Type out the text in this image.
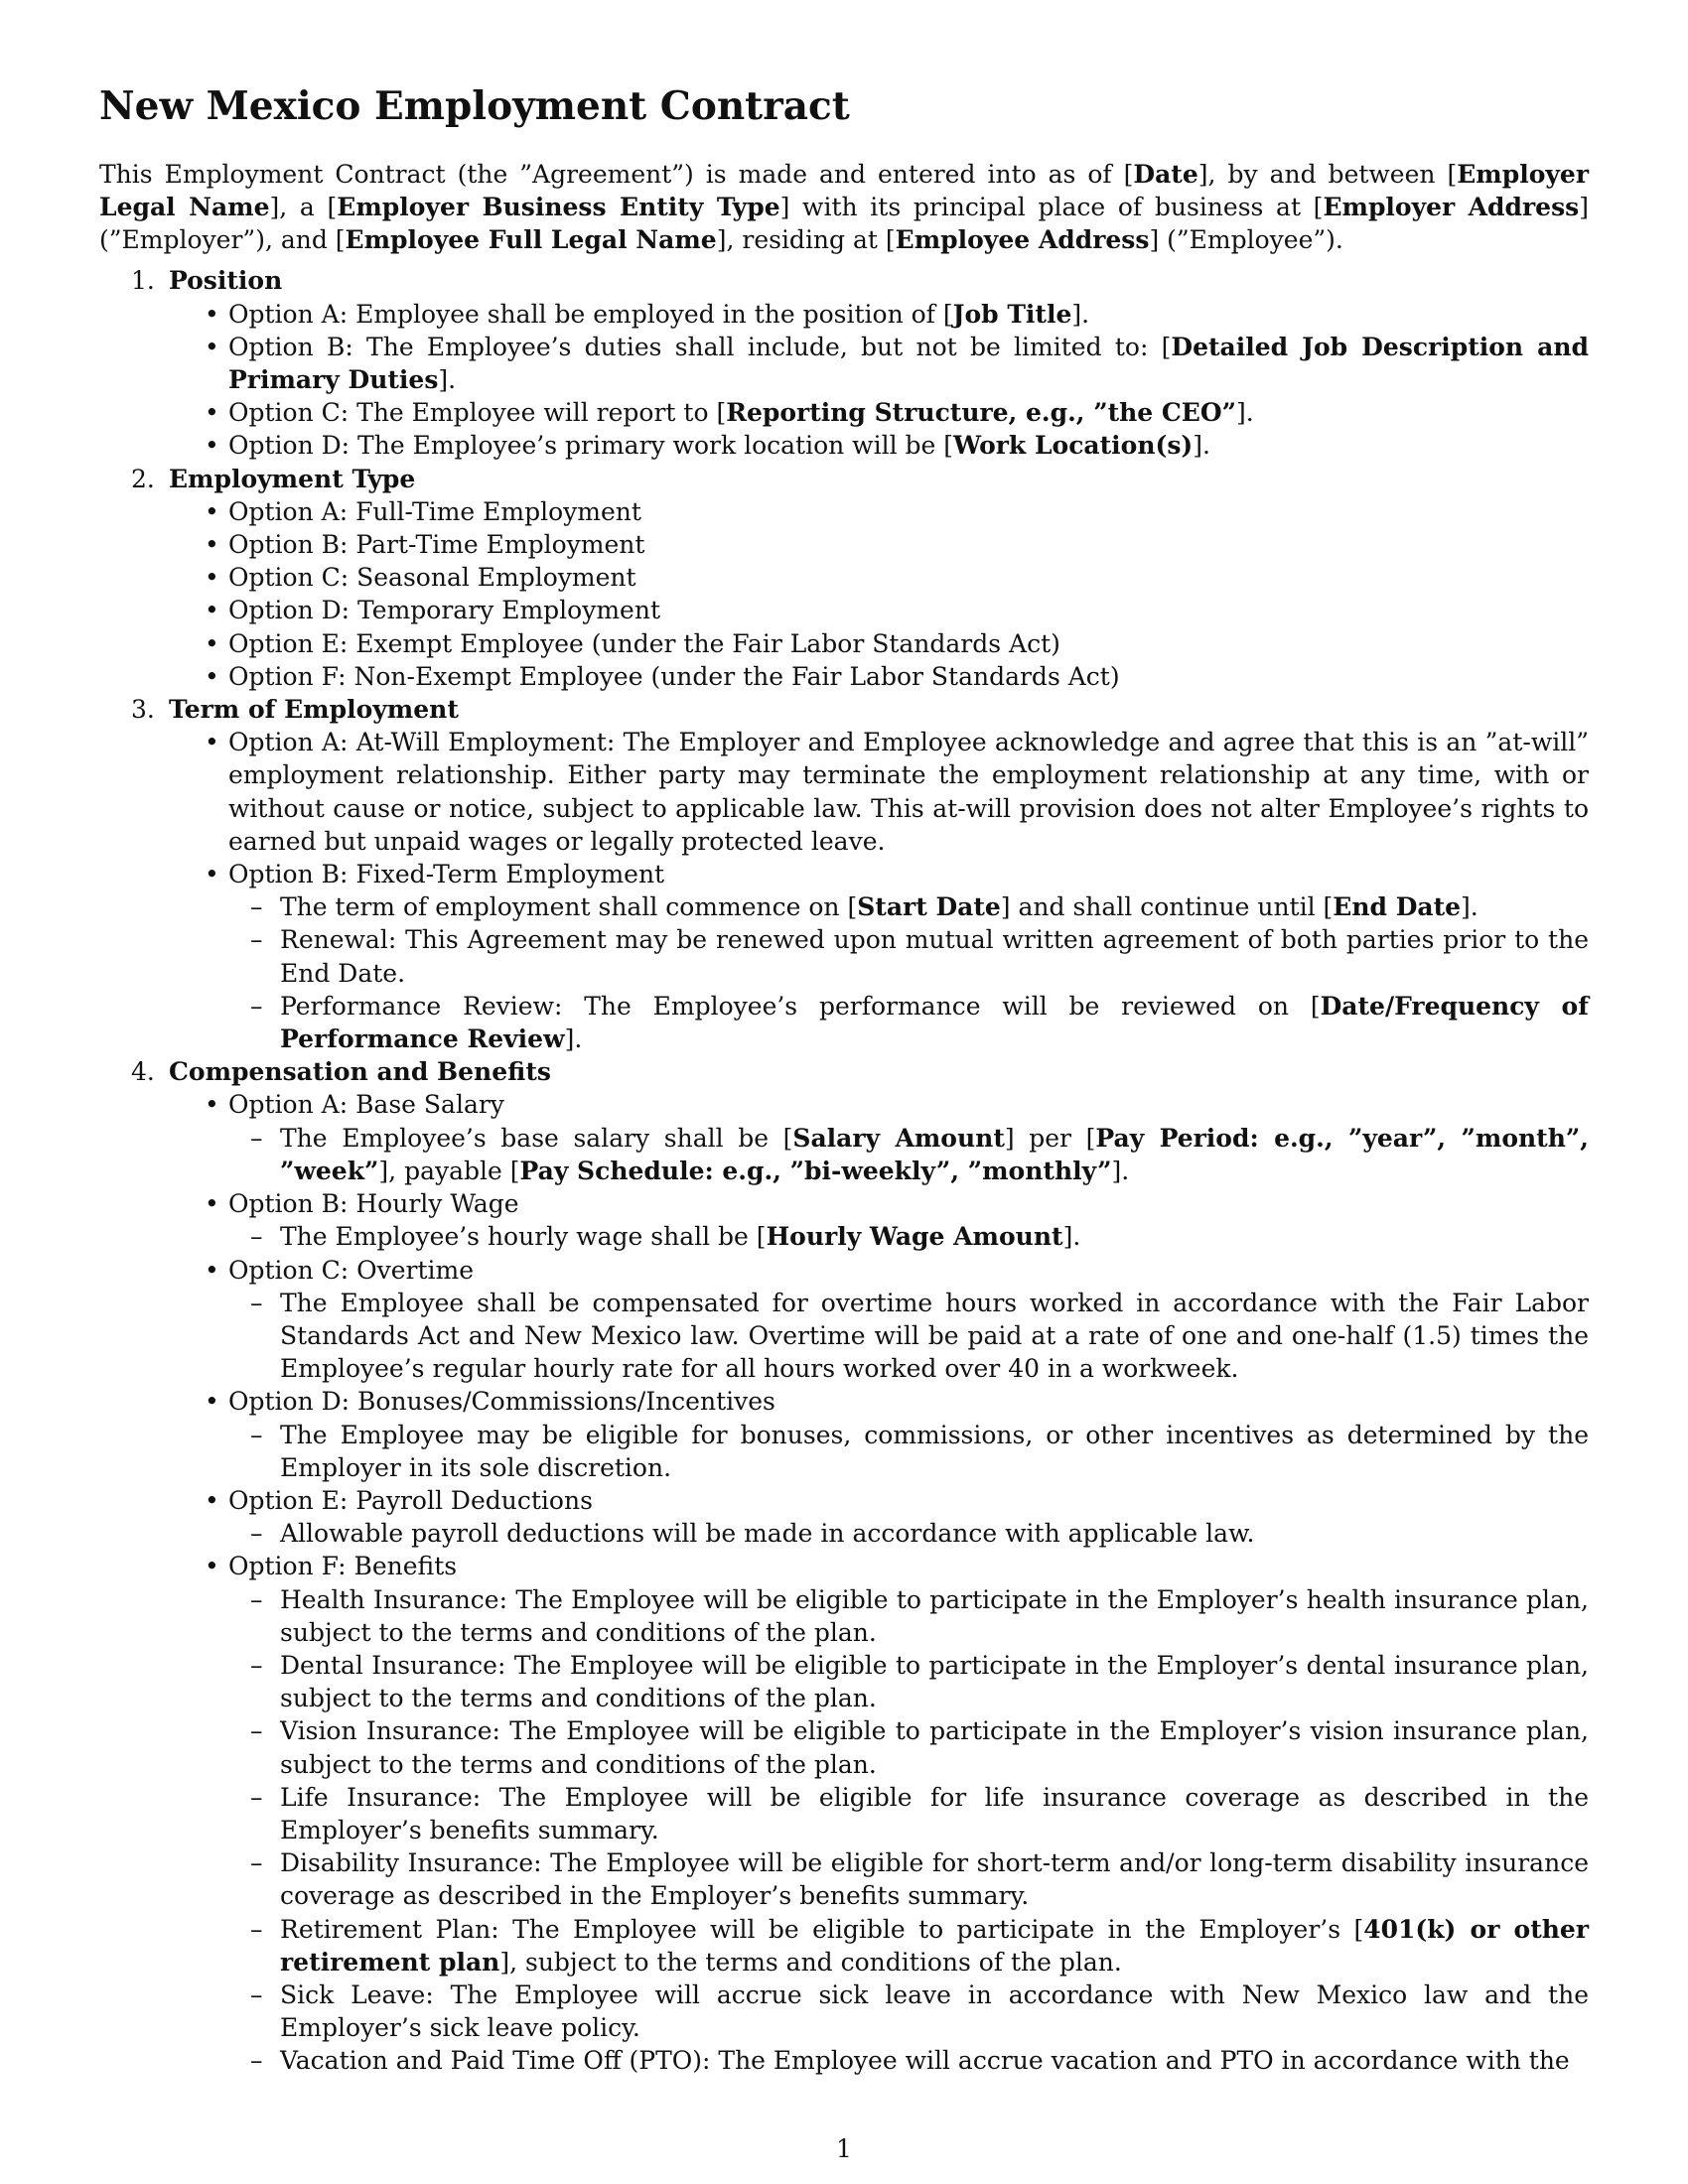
New Mexico Employment Contract

This Employment Contract (the ”Agreement”) is made and entered into as of [Date], by and between [Employer Legal Name], a [Employer Business Entity Type] with its principal place of business at [Employer Address] (”Employer”), and [Employee Full Legal Name], residing at [Employee Address] (”Employee”).

1. Position
• Option A: Employee shall be employed in the position of [Job Title].
• Option B: The Employee’s duties shall include, but not be limited to: [Detailed Job Description and Primary Duties].
• Option C: The Employee will report to [Reporting Structure, e.g., ”the CEO”].
• Option D: The Employee’s primary work location will be [Work Location(s)].
2. Employment Type
• Option A: Full-Time Employment
• Option B: Part-Time Employment
• Option C: Seasonal Employment
• Option D: Temporary Employment
• Option E: Exempt Employee (under the Fair Labor Standards Act)
• Option F: Non-Exempt Employee (under the Fair Labor Standards Act)
3. Term of Employment
• Option A: At-Will Employment: The Employer and Employee acknowledge and agree that this is an ”at-will” employment relationship. Either party may terminate the employment relationship at any time, with or without cause or notice, subject to applicable law. This at-will provision does not alter Employee’s rights to earned but unpaid wages or legally protected leave.
• Option B: Fixed-Term Employment
– The term of employment shall commence on [Start Date] and shall continue until [End Date].
– Renewal: This Agreement may be renewed upon mutual written agreement of both parties prior to the End Date.
– Performance Review: The Employee’s performance will be reviewed on [Date/Frequency of Performance Review].
4. Compensation and Benefits
• Option A: Base Salary
– The Employee’s base salary shall be [Salary Amount] per [Pay Period: e.g., ”year”, ”month”, ”week”], payable [Pay Schedule: e.g., ”bi-weekly”, ”monthly”].
• Option B: Hourly Wage
– The Employee’s hourly wage shall be [Hourly Wage Amount].
• Option C: Overtime
– The Employee shall be compensated for overtime hours worked in accordance with the Fair Labor Standards Act and New Mexico law. Overtime will be paid at a rate of one and one-half (1.5) times the Employee’s regular hourly rate for all hours worked over 40 in a workweek.
• Option D: Bonuses/Commissions/Incentives
– The Employee may be eligible for bonuses, commissions, or other incentives as determined by the Employer in its sole discretion.
• Option E: Payroll Deductions
– Allowable payroll deductions will be made in accordance with applicable law.
• Option F: Benefits
– Health Insurance: The Employee will be eligible to participate in the Employer’s health insurance plan, subject to the terms and conditions of the plan.
– Dental Insurance: The Employee will be eligible to participate in the Employer’s dental insurance plan, subject to the terms and conditions of the plan.
– Vision Insurance: The Employee will be eligible to participate in the Employer’s vision insurance plan, subject to the terms and conditions of the plan.
– Life Insurance: The Employee will be eligible for life insurance coverage as described in the Employer’s benefits summary.
– Disability Insurance: The Employee will be eligible for short-term and/or long-term disability insurance coverage as described in the Employer’s benefits summary.
– Retirement Plan: The Employee will be eligible to participate in the Employer’s [401(k) or other retirement plan], subject to the terms and conditions of the plan.
– Sick Leave: The Employee will accrue sick leave in accordance with New Mexico law and the Employer’s sick leave policy.
– Vacation and Paid Time Off (PTO): The Employee will accrue vacation and PTO in accordance with the
1
